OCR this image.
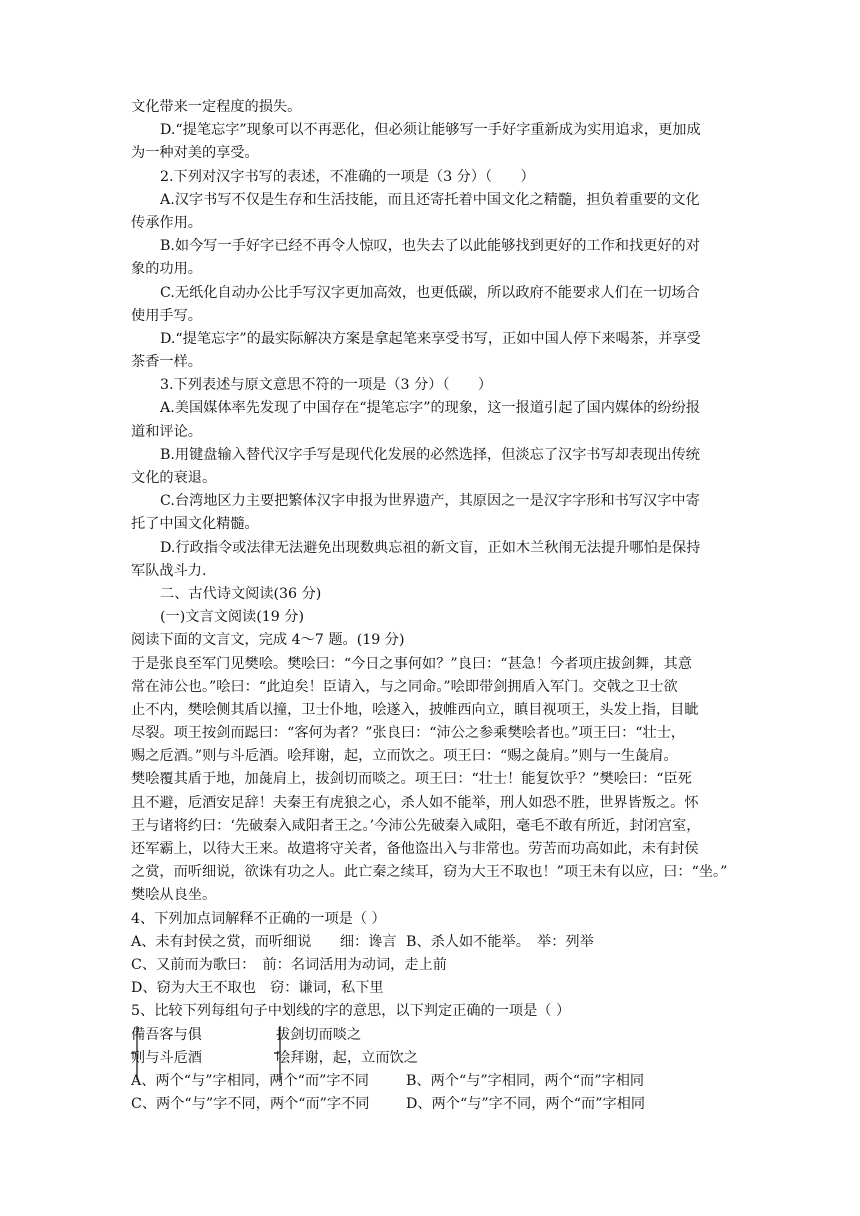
文化带来一定程度的损失。
D.“提笔忘字”现象可以不再恶化，但必须让能够写一手好字重新成为实用追求，更加成
为一种对美的享受。
2.下列对汉字书写的表述，不准确的一项是（3 分）（　　）
A.汉字书写不仅是生存和生活技能，而且还寄托着中国文化之精髓，担负着重要的文化
传承作用。
B.如今写一手好字已经不再令人惊叹，也失去了以此能够找到更好的工作和找更好的对
象的功用。
C.无纸化自动办公比手写汉字更加高效，也更低碳，所以政府不能要求人们在一切场合
使用手写。
D.“提笔忘字”的最实际解决方案是拿起笔来享受书写，正如中国人停下来喝茶，并享受
茶香一样。
3.下列表述与原文意思不符的一项是（3 分）（　　）
A.美国媒体率先发现了中国存在“提笔忘字”的现象，这一报道引起了国内媒体的纷纷报
道和评论。
B.用键盘输入替代汉字手写是现代化发展的必然选择，但淡忘了汉字书写却表现出传统
文化的衰退。
C.台湾地区力主要把繁体汉字申报为世界遗产，其原因之一是汉字字形和书写汉字中寄
托了中国文化精髓。
D.行政指令或法律无法避免出现数典忘祖的新文盲，正如木兰秋闱无法提升哪怕是保持
军队战斗力.
二、古代诗文阅读(36 分)
(一)文言文阅读(19 分)
阅读下面的文言文，完成 4～7 题。(19 分)
于是张良至军门见樊哙。樊哙曰：“今日之事何如？”良曰：“甚急！今者项庄拔剑舞，其意
常在沛公也。”哙曰：“此迫矣！臣请入，与之同命。”哙即带剑拥盾入军门。交戟之卫士欲
止不内，樊哙侧其盾以撞，卫士仆地，哙遂入，披帷西向立，瞋目视项王，头发上指，目眦
尽裂。项王按剑而跽曰：“客何为者？”张良曰：“沛公之参乘樊哙者也。”项王曰：“壮士，
赐之卮酒。”则与斗卮酒。哙拜谢，起，立而饮之。项王曰：“赐之彘肩。”则与一生彘肩。
樊哙覆其盾于地，加彘肩上，拔剑切而啖之。项王曰：“壮士！能复饮乎？”樊哙曰：“臣死
且不避，卮酒安足辞！夫秦王有虎狼之心，杀人如不能举，刑人如恐不胜，世界皆叛之。怀
王与诸将约曰：‘先破秦入咸阳者王之。’今沛公先破秦入咸阳，毫毛不敢有所近，封闭宫室，
还军霸上，以待大王来。故遣将守关者，备他盗出入与非常也。劳苦而功高如此，未有封侯
之赏，而听细说，欲诛有功之人。此亡秦之续耳，窃为大王不取也！”项王未有以应，曰：“坐。”
樊哙从良坐。
4、下列加点词解释不正确的一项是（ ）
A、未有封侯之赏，而听细说　　细：谗言 B、杀人如不能举。　举：列举
C、又前而为歌曰：　前：名词活用为动词，走上前
D、窃为大王不取也　窃：谦词，私下里
5、比较下列每组句子中划线的字的意思，以下判定正确的一项是（ ）
備吾客与俱	拔剑切而啖之
则与斗卮酒	哙拜谢，起，立而饮之
A、两个“与”字相同，两个“而”字不同	B、两个“与”字相同，两个“而”字相同
C、两个“与”字不同，两个“而”字不同	D、两个“与”字不同，两个“而”字相同
